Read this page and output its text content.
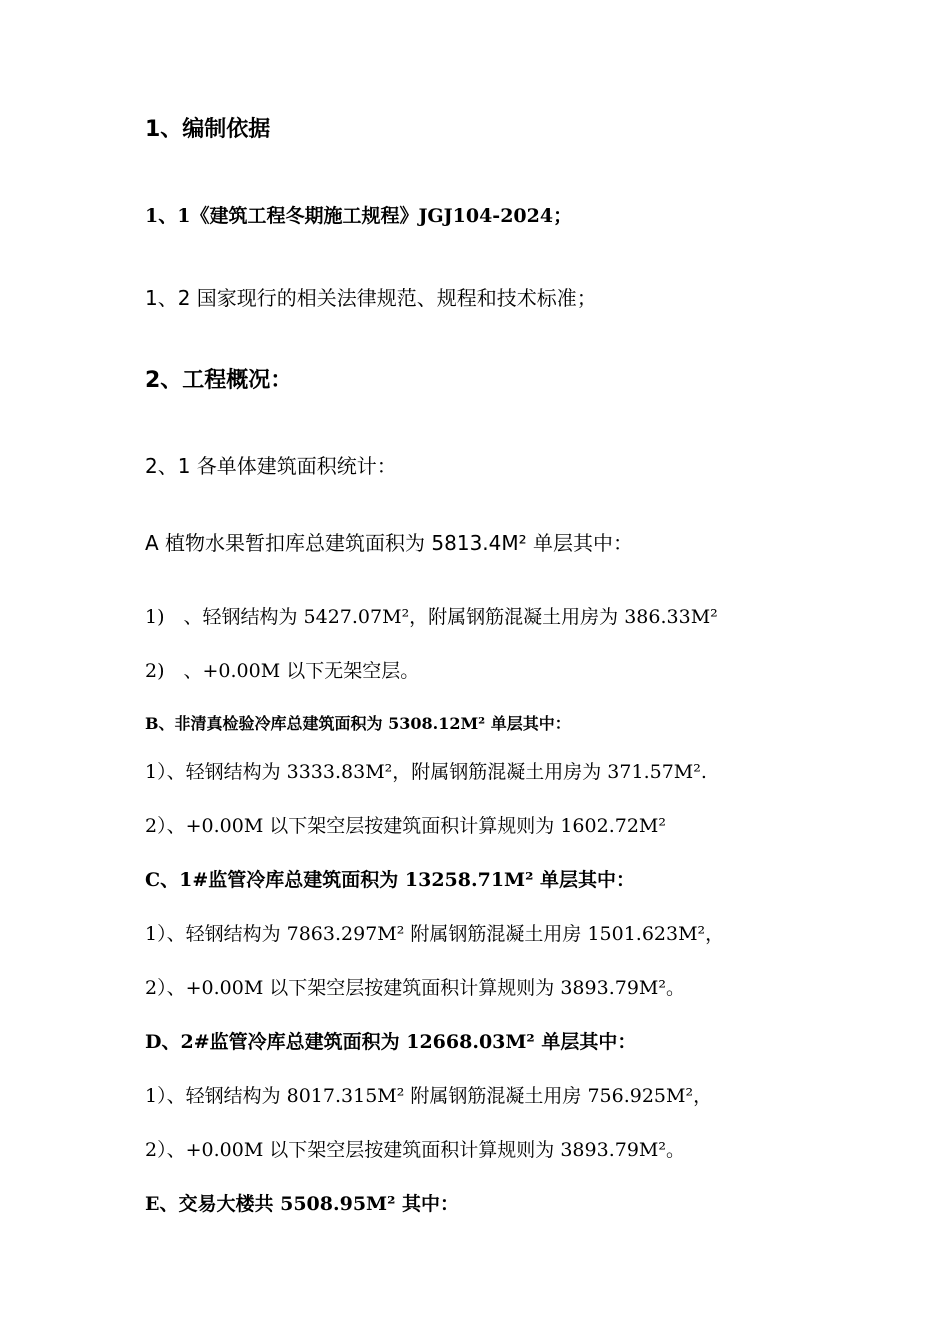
1、编制依据
1、1《建筑工程冬期施工规程》JGJ104-2024；
1、2 国家现行的相关法律规范、规程和技术标准；
2、工程概况：
2、1 各单体建筑面积统计：
A 植物水果暂扣库总建筑面积为 5813.4M² 单层其中：
1)　、轻钢结构为 5427.07M²，附属钢筋混凝土用房为 386.33M²
2)　、+0.00M 以下无架空层。
B、非清真检验冷库总建筑面积为 5308.12M² 单层其中：
1）、轻钢结构为 3333.83M²，附属钢筋混凝土用房为 371.57M².
2）、+0.00M 以下架空层按建筑面积计算规则为 1602.72M²
C、1#监管冷库总建筑面积为 13258.71M² 单层其中：
1）、轻钢结构为 7863.297M² 附属钢筋混凝土用房 1501.623M²，
2）、+0.00M 以下架空层按建筑面积计算规则为 3893.79M²。
D、2#监管冷库总建筑面积为 12668.03M² 单层其中：
1）、轻钢结构为 8017.315M² 附属钢筋混凝土用房 756.925M²，
2）、+0.00M 以下架空层按建筑面积计算规则为 3893.79M²。
E、交易大楼共 5508.95M² 其中：
